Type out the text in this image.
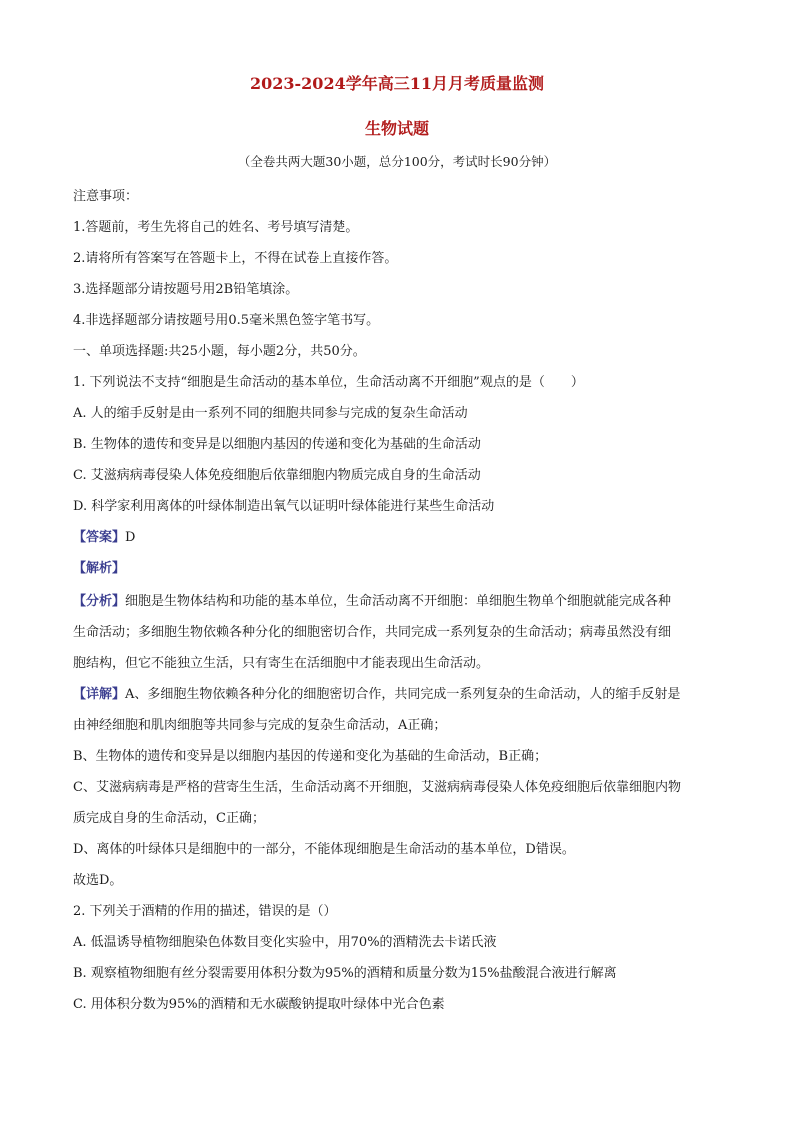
2023-2024学年高三11月月考质量监测
生物试题
（全卷共两大题30小题，总分100分，考试时长90分钟）
注意事项：
1.答题前，考生先将自己的姓名、考号填写清楚。
2.请将所有答案写在答题卡上，不得在试卷上直接作答。
3.选择题部分请按题号用2B铅笔填涂。
4.非选择题部分请按题号用0.5毫米黑色签字笔书写。
一、单项选择题:共25小题，每小题2分，共50分。
1. 下列说法不支持“细胞是生命活动的基本单位，生命活动离不开细胞”观点的是（　　）
A. 人的缩手反射是由一系列不同的细胞共同参与完成的复杂生命活动
B. 生物体的遗传和变异是以细胞内基因的传递和变化为基础的生命活动
C. 艾滋病病毒侵染人体免疫细胞后依靠细胞内物质完成自身的生命活动
D. 科学家利用离体的叶绿体制造出氧气以证明叶绿体能进行某些生命活动
【答案】D
【解析】
【分析】细胞是生物体结构和功能的基本单位，生命活动离不开细胞：单细胞生物单个细胞就能完成各种
生命活动；多细胞生物依赖各种分化的细胞密切合作，共同完成一系列复杂的生命活动；病毒虽然没有细
胞结构，但它不能独立生活，只有寄生在活细胞中才能表现出生命活动。
【详解】A、多细胞生物依赖各种分化的细胞密切合作，共同完成一系列复杂的生命活动，人的缩手反射是
由神经细胞和肌肉细胞等共同参与完成的复杂生命活动，A正确；
B、生物体的遗传和变异是以细胞内基因的传递和变化为基础的生命活动，B正确；
C、艾滋病病毒是严格的营寄生生活，生命活动离不开细胞，艾滋病病毒侵染人体免疫细胞后依靠细胞内物
质完成自身的生命活动，C正确；
D、离体的叶绿体只是细胞中的一部分，不能体现细胞是生命活动的基本单位，D错误。
故选D。
2. 下列关于酒精的作用的描述，错误的是（）
A. 低温诱导植物细胞染色体数目变化实验中，用70%的酒精洗去卡诺氏液
B. 观察植物细胞有丝分裂需要用体积分数为95%的酒精和质量分数为15%盐酸混合液进行解离
C. 用体积分数为95%的酒精和无水碳酸钠提取叶绿体中光合色素
